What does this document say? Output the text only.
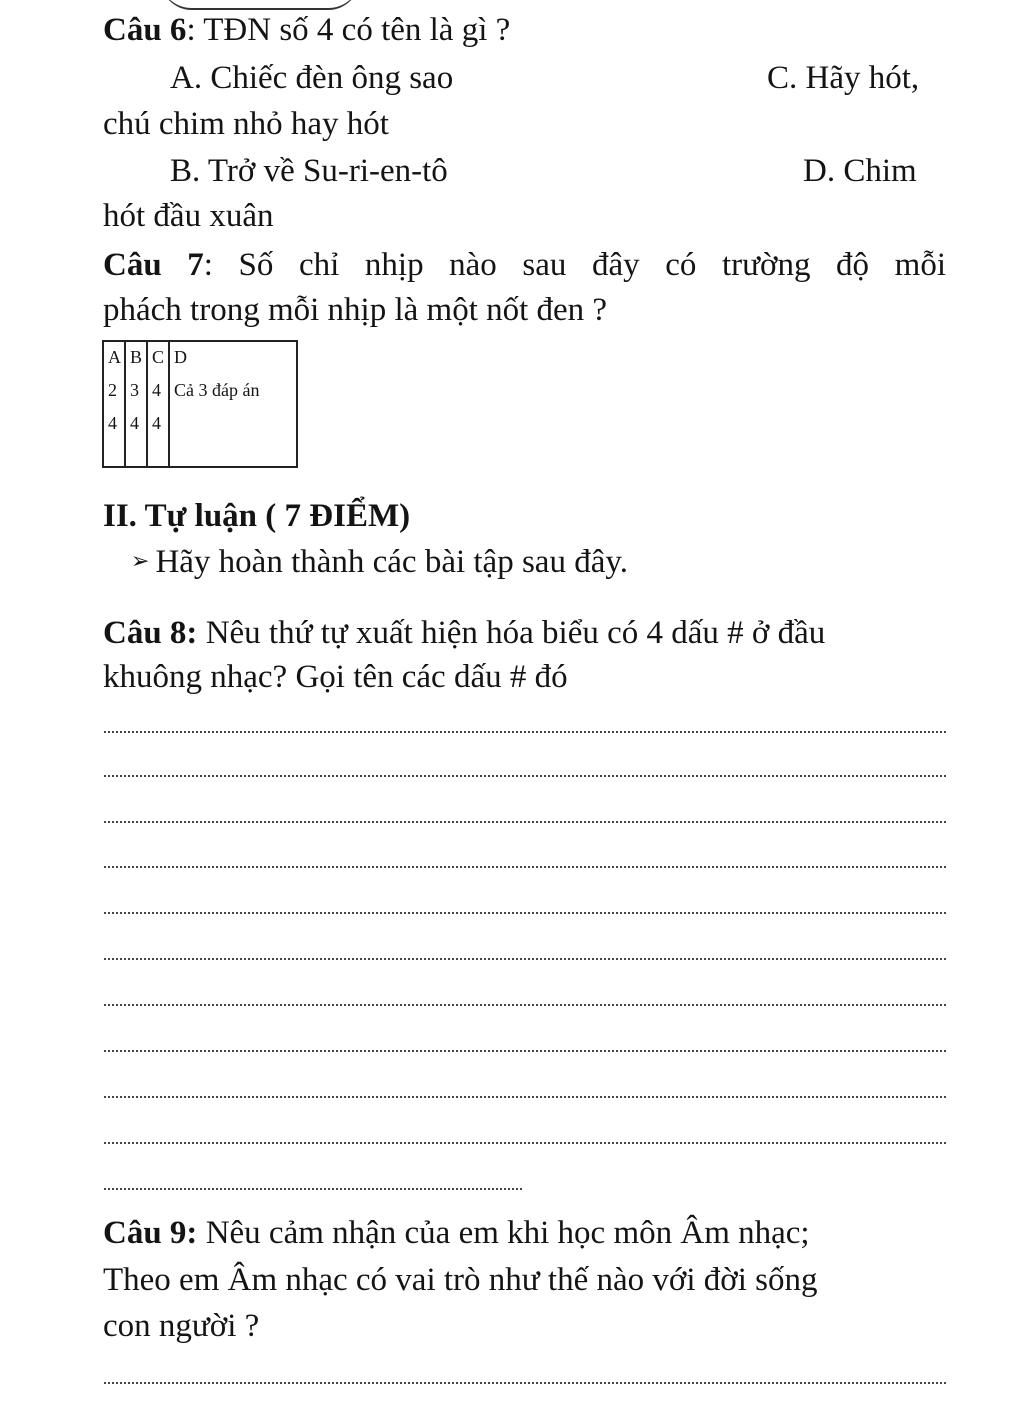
Câu 6: TĐN số 4 có tên là gì ?
A. Chiếc đèn ông sao	C. Hãy hót,
chú chim nhỏ hay hót
B. Trở về Su-ri-en-tô	D. Chim
hót đầu xuân
Câu 7: Số chỉ nhịp nào sau đây có trường độ mỗi
phách trong mỗi nhịp là một nốt đen ?
A B C D
2 3 4 Cả 3 đáp án
4 4 4
II. Tự luận ( 7 ĐIỂM)
➢ Hãy hoàn thành các bài tập sau đây.
Câu 8: Nêu thứ tự xuất hiện hóa biểu có 4 dấu # ở đầu
khuông nhạc? Gọi tên các dấu # đó
Câu 9: Nêu cảm nhận của em khi học môn Âm nhạc;
Theo em Âm nhạc có vai trò như thế nào với đời sống
con người ?
